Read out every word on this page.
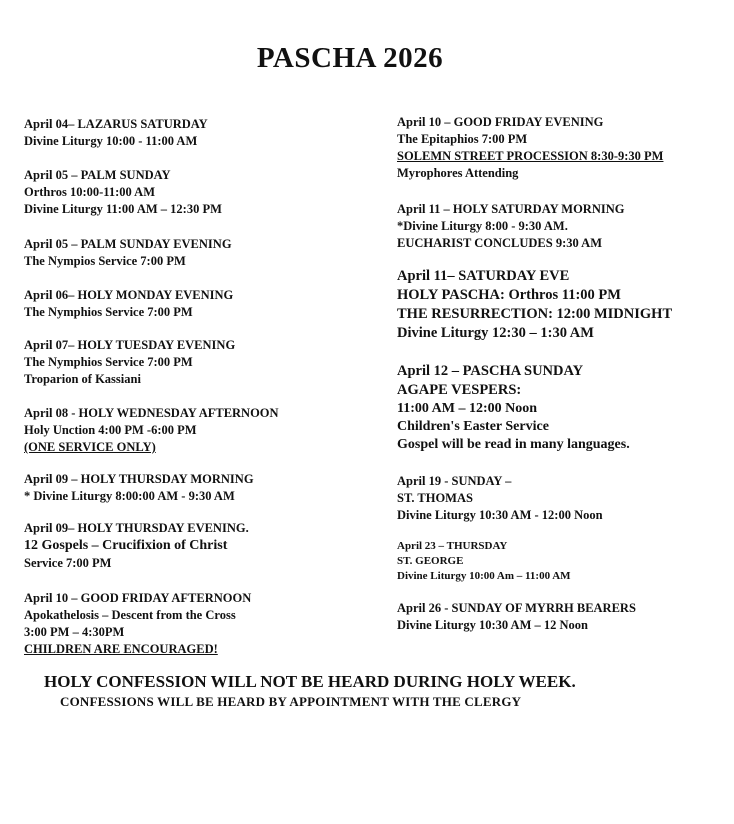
PASCHA 2026
April 04– LAZARUS SATURDAY
Divine Liturgy 10:00 - 11:00 AM
April 05 – PALM SUNDAY
Orthros 10:00-11:00 AM
Divine Liturgy 11:00 AM – 12:30 PM
April 05 – PALM SUNDAY EVENING
The Nympios Service 7:00 PM
April 06– HOLY MONDAY EVENING
The Nymphios Service 7:00 PM
April 07– HOLY TUESDAY EVENING
The Nymphios Service 7:00 PM
Troparion of Kassiani
April 08 - HOLY WEDNESDAY AFTERNOON
Holy Unction 4:00 PM -6:00 PM
(ONE SERVICE ONLY)
April 09 – HOLY THURSDAY MORNING
* Divine Liturgy 8:00:00 AM - 9:30 AM
April 09– HOLY THURSDAY EVENING.
12 Gospels – Crucifixion of Christ
Service 7:00 PM
April 10 – GOOD FRIDAY AFTERNOON
Apokathelosis – Descent from the Cross
3:00 PM – 4:30PM
CHILDREN ARE ENCOURAGED!
April 10 – GOOD FRIDAY EVENING
The Epitaphios 7:00 PM
SOLEMN STREET PROCESSION 8:30-9:30 PM
Myrophores Attending
April 11 – HOLY SATURDAY MORNING
*Divine Liturgy 8:00 - 9:30 AM.
EUCHARIST CONCLUDES 9:30 AM
April 11– SATURDAY EVE
HOLY PASCHA: Orthros 11:00 PM
THE RESURRECTION: 12:00 MIDNIGHT
Divine Liturgy 12:30 – 1:30 AM
April 12 – PASCHA SUNDAY
AGAPE VESPERS:
11:00 AM – 12:00 Noon
Children's Easter Service
Gospel will be read in many languages.
April 19 - SUNDAY –
ST. THOMAS
Divine Liturgy 10:30 AM - 12:00 Noon
April 23 – THURSDAY
ST. GEORGE
Divine Liturgy 10:00 Am – 11:00 AM
April 26 - SUNDAY OF MYRRH BEARERS
Divine Liturgy 10:30 AM – 12 Noon
HOLY CONFESSION WILL NOT BE HEARD DURING HOLY WEEK.
CONFESSIONS WILL BE HEARD BY APPOINTMENT WITH THE CLERGY
